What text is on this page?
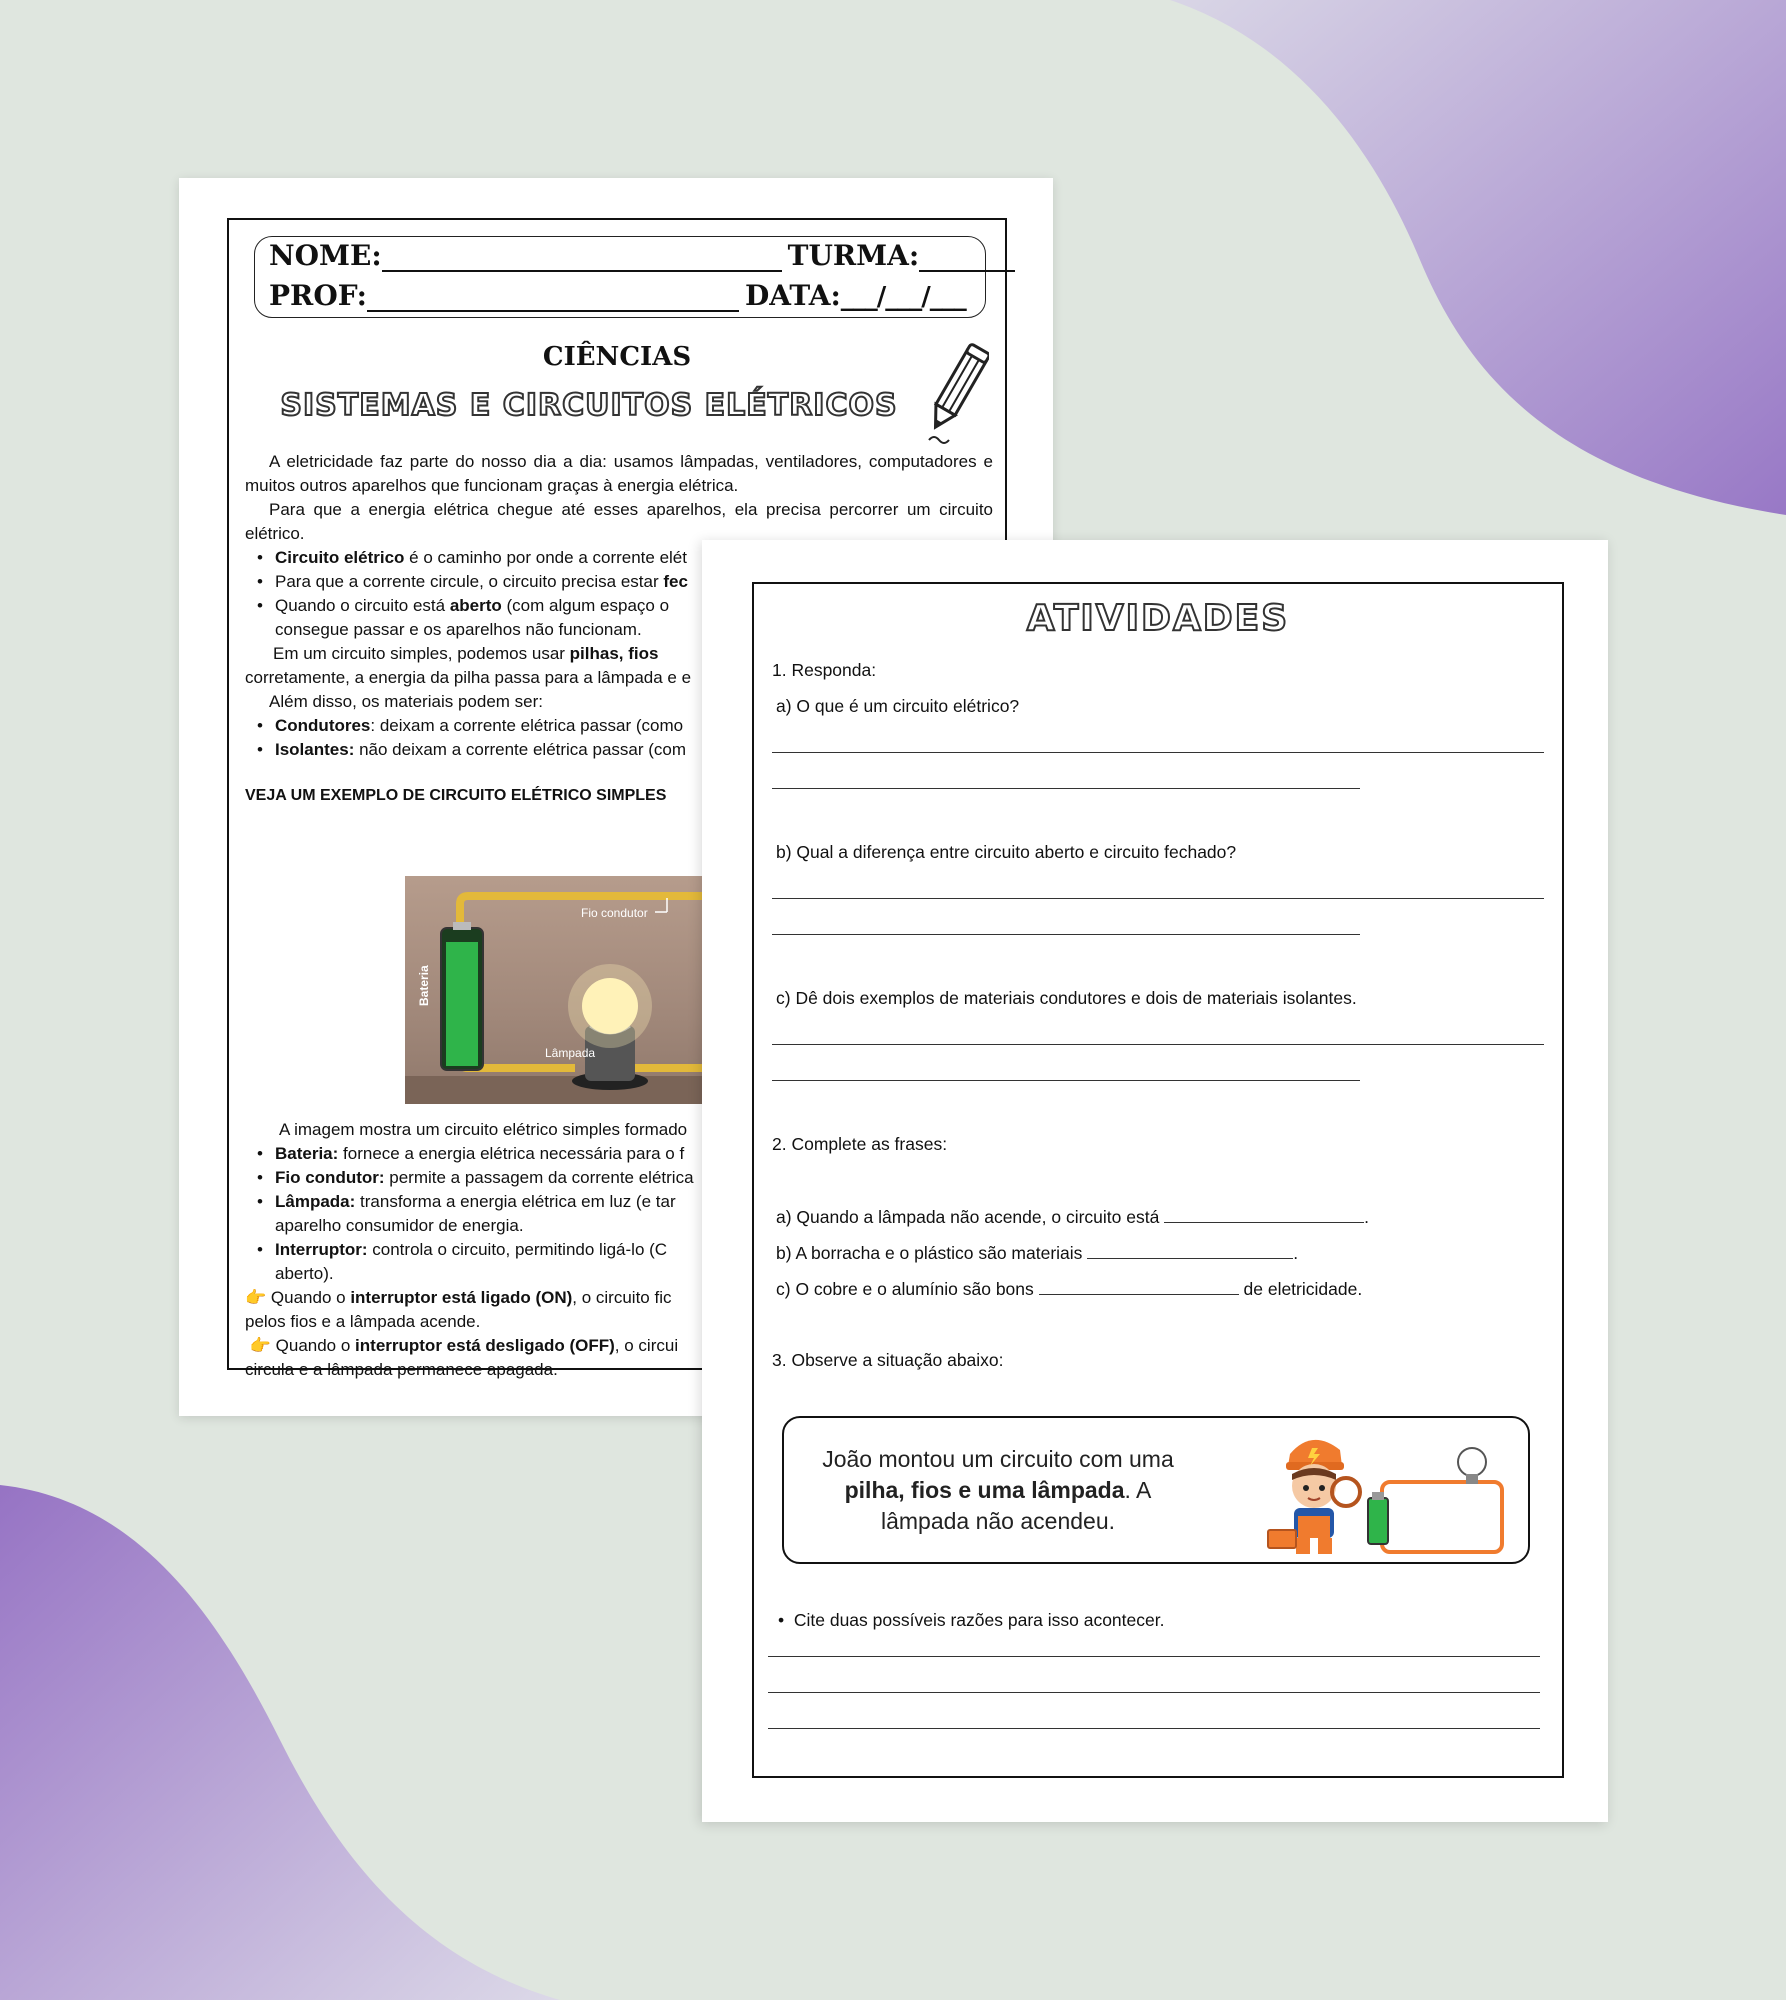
NOME:	TURMA:
PROF:	DATA:___/___/___
CIÊNCIAS
SISTEMAS E CIRCUITOS ELÉTRICOS

A eletricidade faz parte do nosso dia a dia: usamos lâmpadas, ventiladores, computadores e muitos outros aparelhos que funcionam graças à energia elétrica.

Para que a energia elétrica chegue até esses aparelhos, ela precisa percorrer um circuito elétrico.

• Circuito elétrico é o caminho por onde a corrente elét
• Para que a corrente circule, o circuito precisa estar fec
• Quando o circuito está aberto (com algum espaço o
consegue passar e os aparelhos não funcionam.

Em um circuito simples, podemos usar pilhas, fios
corretamente, a energia da pilha passa para a lâmpada e e

Além disso, os materiais podem ser:

• Condutores: deixam a corrente elétrica passar (como
• Isolantes: não deixam a corrente elétrica passar (com
VEJA UM EXEMPLO DE CIRCUITO ELÉTRICO SIMPLES
Fio condutor
Bateria
Lâmpada

A imagem mostra um circuito elétrico simples formado

• Bateria: fornece a energia elétrica necessária para o f
• Fio condutor: permite a passagem da corrente elétrica
• Lâmpada: transforma a energia elétrica em luz (e tar
aparelho consumidor de energia.
• Interruptor: controla o circuito, permitindo ligá-lo (C
aberto).
👉 Quando o interruptor está ligado (ON), o circuito fic
pelos fios e a lâmpada acende.
👉 Quando o interruptor está desligado (OFF), o circui
circula e a lâmpada permanece apagada.
ATIVIDADES
1. Responda:
a) O que é um circuito elétrico?
b) Qual a diferença entre circuito aberto e circuito fechado?
c) Dê dois exemplos de materiais condutores e dois de materiais isolantes.
2. Complete as frases:
a) Quando a lâmpada não acende, o circuito está	.
b) A borracha e o plástico são materiais	.
c) O cobre e o alumínio são bons	de eletricidade.
3. Observe a situação abaixo:
João montou um circuito com uma pilha, fios e uma lâmpada. A lâmpada não acendeu.
•  Cite duas possíveis razões para isso acontecer.
